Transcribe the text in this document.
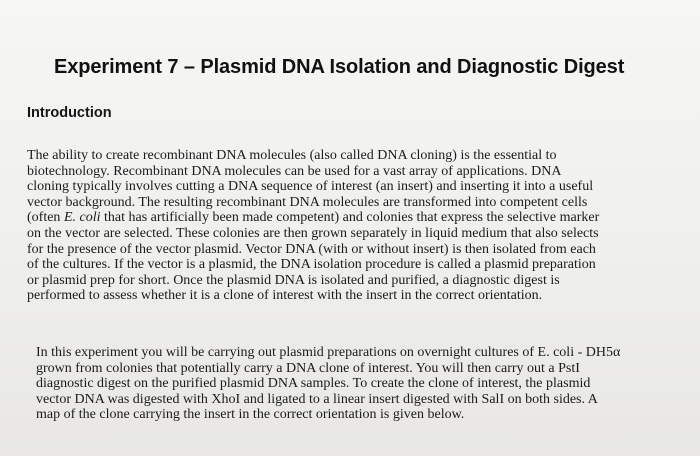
Experiment 7 – Plasmid DNA Isolation and Diagnostic Digest
Introduction

The ability to create recombinant DNA molecules (also called DNA cloning) is the essential to
biotechnology. Recombinant DNA molecules can be used for a vast array of applications. DNA
cloning typically involves cutting a DNA sequence of interest (an insert) and inserting it into a useful
vector background. The resulting recombinant DNA molecules are transformed into competent cells
(often E. coli that has artificially been made competent) and colonies that express the selective marker
on the vector are selected. These colonies are then grown separately in liquid medium that also selects
for the presence of the vector plasmid. Vector DNA (with or without insert) is then isolated from each
of the cultures. If the vector is a plasmid, the DNA isolation procedure is called a plasmid preparation
or plasmid prep for short. Once the plasmid DNA is isolated and purified, a diagnostic digest is
performed to assess whether it is a clone of interest with the insert in the correct orientation.

In this experiment you will be carrying out plasmid preparations on overnight cultures of E. coli - DH5α
grown from colonies that potentially carry a DNA clone of interest. You will then carry out a PstI
diagnostic digest on the purified plasmid DNA samples. To create the clone of interest, the plasmid
vector DNA was digested with XhoI and ligated to a linear insert digested with SalI on both sides. A
map of the clone carrying the insert in the correct orientation is given below.
